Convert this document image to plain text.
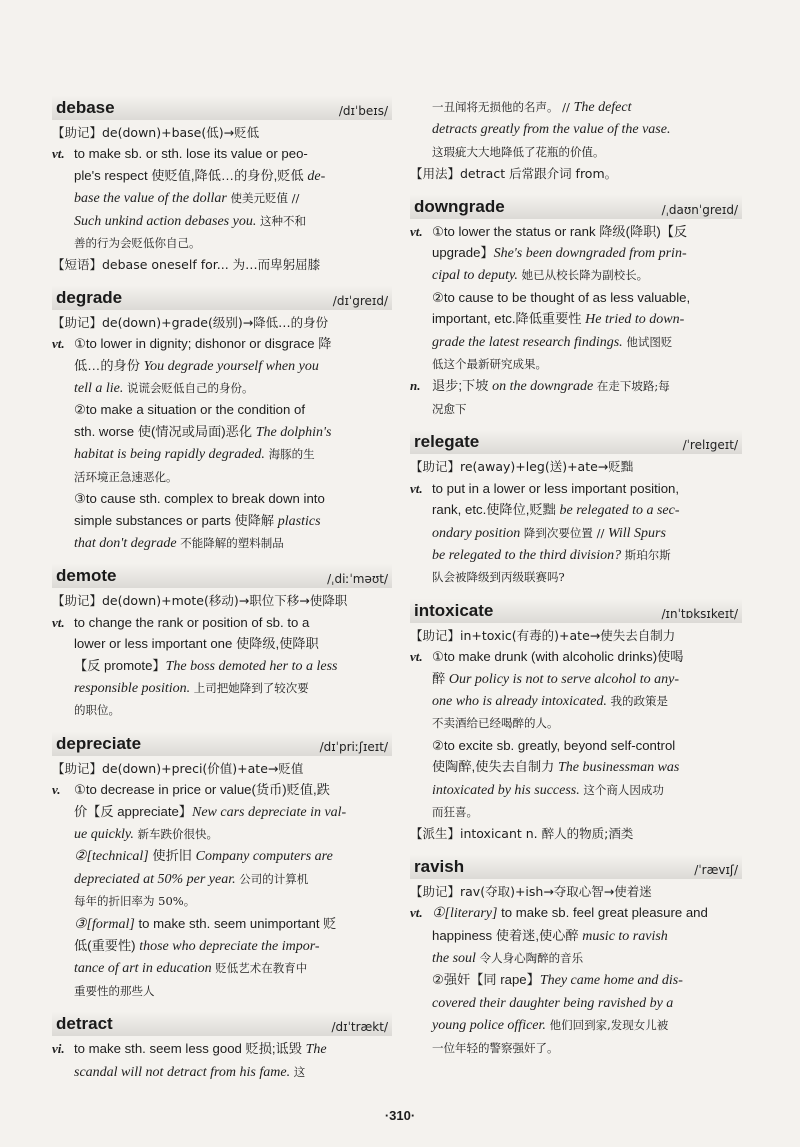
debase	/dɪˈbeɪs/
【助记】de(down)+base(低)→贬低
vt. to make sb. or sth. lose its value or peo-
ple's respect 使贬值,降低…的身份,贬低 de-
base the value of the dollar 使美元贬值 //
Such unkind action debases you. 这种不和
善的行为会贬低你自己。
【短语】debase oneself for... 为…而卑躬屈膝
degrade	/dɪˈgreɪd/
【助记】de(down)+grade(级别)→降低…的身份
vt. ①to lower in dignity; dishonor or disgrace 降
低…的身份 You degrade yourself when you
tell a lie. 说谎会贬低自己的身份。
②to make a situation or the condition of
sth. worse 使(情况或局面)恶化 The dolphin's
habitat is being rapidly degraded. 海豚的生
活环境正急速恶化。
③to cause sth. complex to break down into
simple substances or parts 使降解 plastics
that don't degrade 不能降解的塑料制品
demote	/ˌdiːˈməʊt/
【助记】de(down)+mote(移动)→职位下移→使降职
vt. to change the rank or position of sb. to a
lower or less important one 使降级,使降职
【反 promote】The boss demoted her to a less
responsible position. 上司把她降到了较次要
的职位。
depreciate	/dɪˈpriːʃɪeɪt/
【助记】de(down)+preci(价值)+ate→贬值
v. ①to decrease in price or value(货币)贬值,跌
价【反 appreciate】New cars depreciate in val-
ue quickly. 新车跌价很快。
②[technical] 使折旧 Company computers are
depreciated at 50% per year. 公司的计算机
每年的折旧率为 50%。
③[formal] to make sth. seem unimportant 贬
低(重要性) those who depreciate the impor-
tance of art in education 贬低艺术在教育中
重要性的那些人
detract	/dɪˈtrækt/
vi. to make sth. seem less good 贬损;诋毁 The
scandal will not detract from his fame. 这
一丑闻将无损他的名声。 // The defect
detracts greatly from the value of the vase.
这瑕疵大大地降低了花瓶的价值。
【用法】detract 后常跟介词 from。
downgrade	/ˌdaʊnˈgreɪd/
vt. ①to lower the status or rank 降级(降职)【反
upgrade】She's been downgraded from prin-
cipal to deputy. 她已从校长降为副校长。
②to cause to be thought of as less valuable,
important, etc.降低重要性 He tried to down-
grade the latest research findings. 他试图贬
低这个最新研究成果。
n. 退步;下坡 on the downgrade 在走下坡路;每
况愈下
relegate	/ˈrelɪgeɪt/
【助记】re(away)+leg(送)+ate→贬黜
vt. to put in a lower or less important position,
rank, etc.使降位,贬黜 be relegated to a sec-
ondary position 降到次要位置 // Will Spurs
be relegated to the third division? 斯珀尔斯
队会被降级到丙级联赛吗?
intoxicate	/ɪnˈtɒksɪkeɪt/
【助记】in+toxic(有毒的)+ate→使失去自制力
vt. ①to make drunk (with alcoholic drinks)使喝
醉 Our policy is not to serve alcohol to any-
one who is already intoxicated. 我的政策是
不卖酒给已经喝醉的人。
②to excite sb. greatly, beyond self-control
使陶醉,使失去自制力 The businessman was
intoxicated by his success. 这个商人因成功
而狂喜。
【派生】intoxicant n. 醉人的物质;酒类
ravish	/ˈrævɪʃ/
【助记】rav(夺取)+ish→夺取心智→使着迷
vt. ①[literary] to make sb. feel great pleasure and
happiness 使着迷,使心醉 music to ravish
the soul 令人身心陶醉的音乐
②强奸【同 rape】They came home and dis-
covered their daughter being ravished by a
young police officer. 他们回到家,发现女儿被
一位年轻的警察强奸了。
·310·
